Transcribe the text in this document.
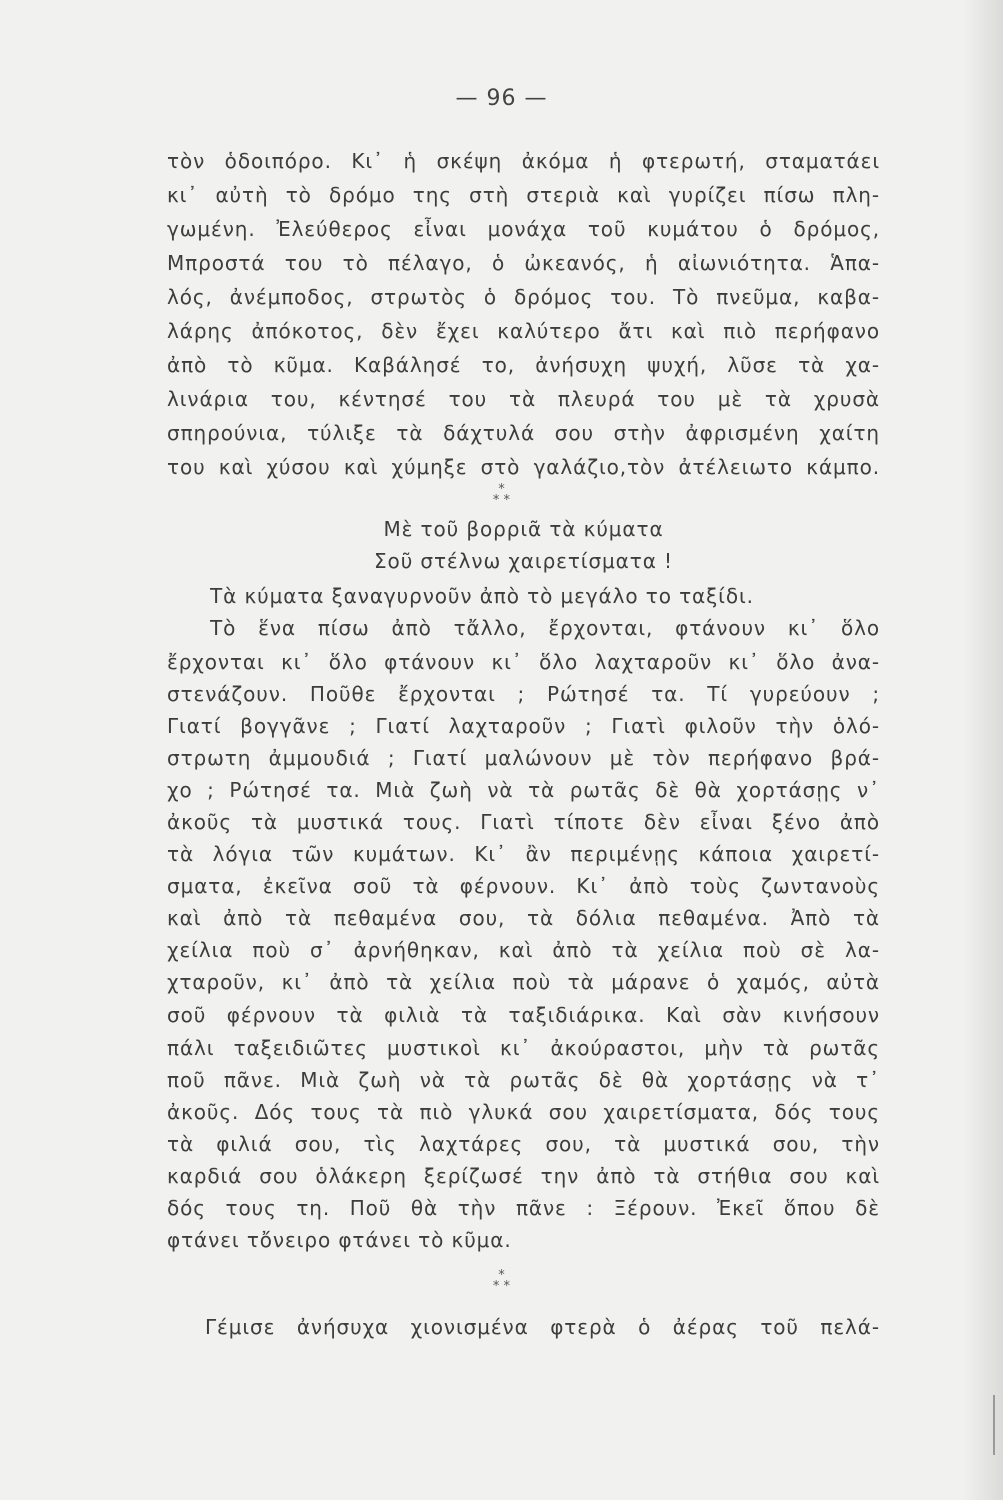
— 96 —
τὸν ὁδοιπόρο. Κι᾽ ἡ σκέψη ἀκόμα ἡ φτερωτή, σταματάει
κι᾽ αὐτὴ τὸ δρόμο της στὴ στεριὰ καὶ γυρίζει πίσω πλη-
γωμένη. Ἐλεύθερος εἶναι μονάχα τοῦ κυμάτου ὁ δρόμος,
Μπροστά του τὸ πέλαγο, ὁ ὠκεανός, ἡ αἰωνιότητα. Ἁπα-
λός, ἀνέμποδος, στρωτὸς ὁ δρόμος του. Τὸ πνεῦμα, καβα-
λάρης ἀπόκοτος, δὲν ἔχει καλύτερο ἄτι καὶ πιὸ περήφανο
ἀπὸ τὸ κῦμα. Καβάλησέ το, ἀνήσυχη ψυχή, λῦσε τὰ χα-
λινάρια του, κέντησέ του τὰ πλευρά του μὲ τὰ χρυσὰ
σπηρούνια, τύλιξε τὰ δάχτυλά σου στὴν ἀφρισμένη χαίτη
του καὶ χύσου καὶ χύμηξε στὸ γαλάζιο,τὸν ἀτέλειωτο κάμπο.
*
* *
Μὲ τοῦ βορριᾶ τὰ κύματα
Σοῦ στέλνω χαιρετίσματα !
Τὰ κύματα ξαναγυρνοῦν ἀπὸ τὸ μεγάλο το ταξίδι.
Τὸ ἕνα πίσω ἀπὸ τἄλλο, ἔρχονται, φτάνουν κι᾽ ὅλο
ἔρχονται κι᾽ ὅλο φτάνουν κι᾽ ὅλο λαχταροῦν κι᾽ ὅλο ἀνα-
στενάζουν. Ποῦθε ἔρχονται ; Ρώτησέ τα. Τί γυρεύουν ;
Γιατί βογγᾶνε ; Γιατί λαχταροῦν ; Γιατὶ φιλοῦν τὴν ὁλό-
στρωτη ἀμμουδιά ; Γιατί μαλώνουν μὲ τὸν περήφανο βρά-
χο ; Ρώτησέ τα. Μιὰ ζωὴ νὰ τὰ ρωτᾶς δὲ θὰ χορτάσῃς ν᾽
ἀκοῦς τὰ μυστικά τους. Γιατὶ τίποτε δὲν εἶναι ξένο ἀπὸ
τὰ λόγια τῶν κυμάτων. Κι᾽ ἂν περιμένῃς κάποια χαιρετί-
σματα, ἐκεῖνα σοῦ τὰ φέρνουν. Κι᾽ ἀπὸ τοὺς ζωντανοὺς
καὶ ἀπὸ τὰ πεθαμένα σου, τὰ δόλια πεθαμένα. Ἀπὸ τὰ
χείλια ποὺ σ᾽ ἀρνήθηκαν, καὶ ἀπὸ τὰ χείλια ποὺ σὲ λα-
χταροῦν, κι᾽ ἀπὸ τὰ χείλια ποὺ τὰ μάρανε ὁ χαμός, αὐτὰ
σοῦ φέρνουν τὰ φιλιὰ τὰ ταξιδιάρικα. Καὶ σὰν κινήσουν
πάλι ταξειδιῶτες μυστικοὶ κι᾽ ἀκούραστοι, μὴν τὰ ρωτᾶς
ποῦ πᾶνε. Μιὰ ζωὴ νὰ τὰ ρωτᾶς δὲ θὰ χορτάσῃς νὰ τ᾽
ἀκοῦς. Δός τους τὰ πιὸ γλυκά σου χαιρετίσματα, δός τους
τὰ φιλιά σου, τὶς λαχτάρες σου, τὰ μυστικά σου, τὴν
καρδιά σου ὁλάκερη ξερίζωσέ την ἀπὸ τὰ στήθια σου καὶ
δός τους τη. Ποῦ θὰ τὴν πᾶνε : Ξέρουν. Ἐκεῖ ὅπου δὲ
φτάνει τὄνειρο φτάνει τὸ κῦμα.
*
* *
Γέμισε ἀνήσυχα χιονισμένα φτερὰ ὁ ἀέρας τοῦ πελά-
